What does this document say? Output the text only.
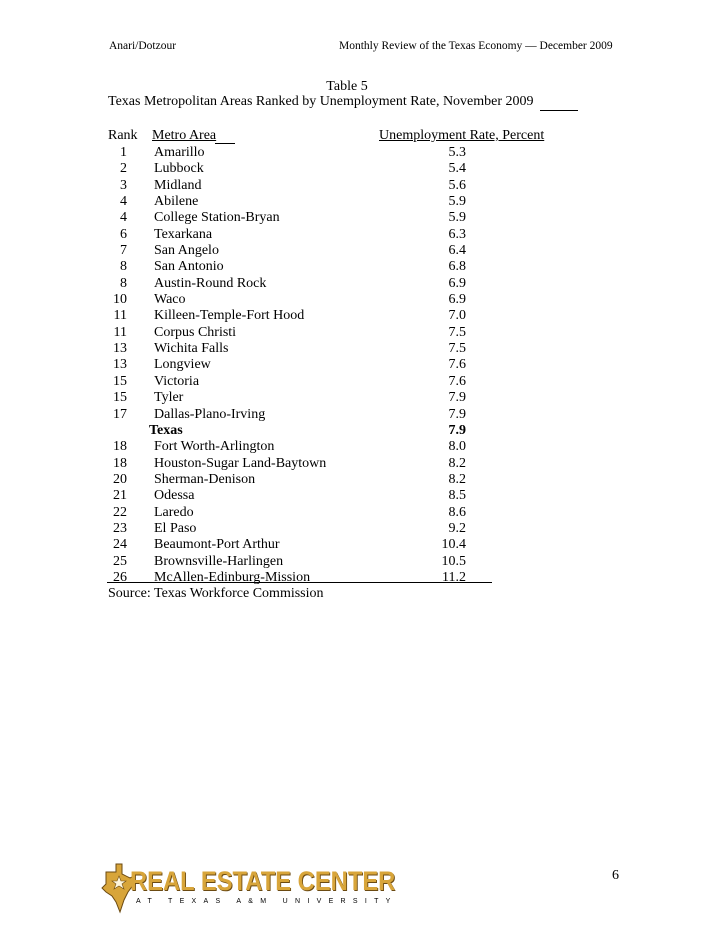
Anari/Dotzour	Monthly Review of the Texas Economy — December 2009
Table 5
Texas Metropolitan Areas Ranked by Unemployment Rate, November 2009
Rank Metro Area	Unemployment Rate, Percent
1 Amarillo	5.3
2 Lubbock	5.4
3 Midland	5.6
4 Abilene	5.9
4 College Station-Bryan	5.9
6 Texarkana	6.3
7 San Angelo	6.4
8 San Antonio	6.8
8 Austin-Round Rock	6.9
10 Waco	6.9
11 Killeen-Temple-Fort Hood	7.0
11 Corpus Christi	7.5
13 Wichita Falls	7.5
13 Longview	7.6
15 Victoria	7.6
15 Tyler	7.9
17 Dallas-Plano-Irving	7.9
Texas	7.9
18 Fort Worth-Arlington	8.0
18 Houston-Sugar Land-Baytown	8.2
20 Sherman-Denison	8.2
21 Odessa	8.5
22 Laredo	8.6
23 El Paso	9.2
24 Beaumont-Port Arthur	10.4
25 Brownsville-Harlingen	10.5
26 McAllen-Edinburg-Mission	11.2
Source: Texas Workforce Commission
REAL ESTATE CENTER
AT TEXAS A&M UNIVERSITY
6
